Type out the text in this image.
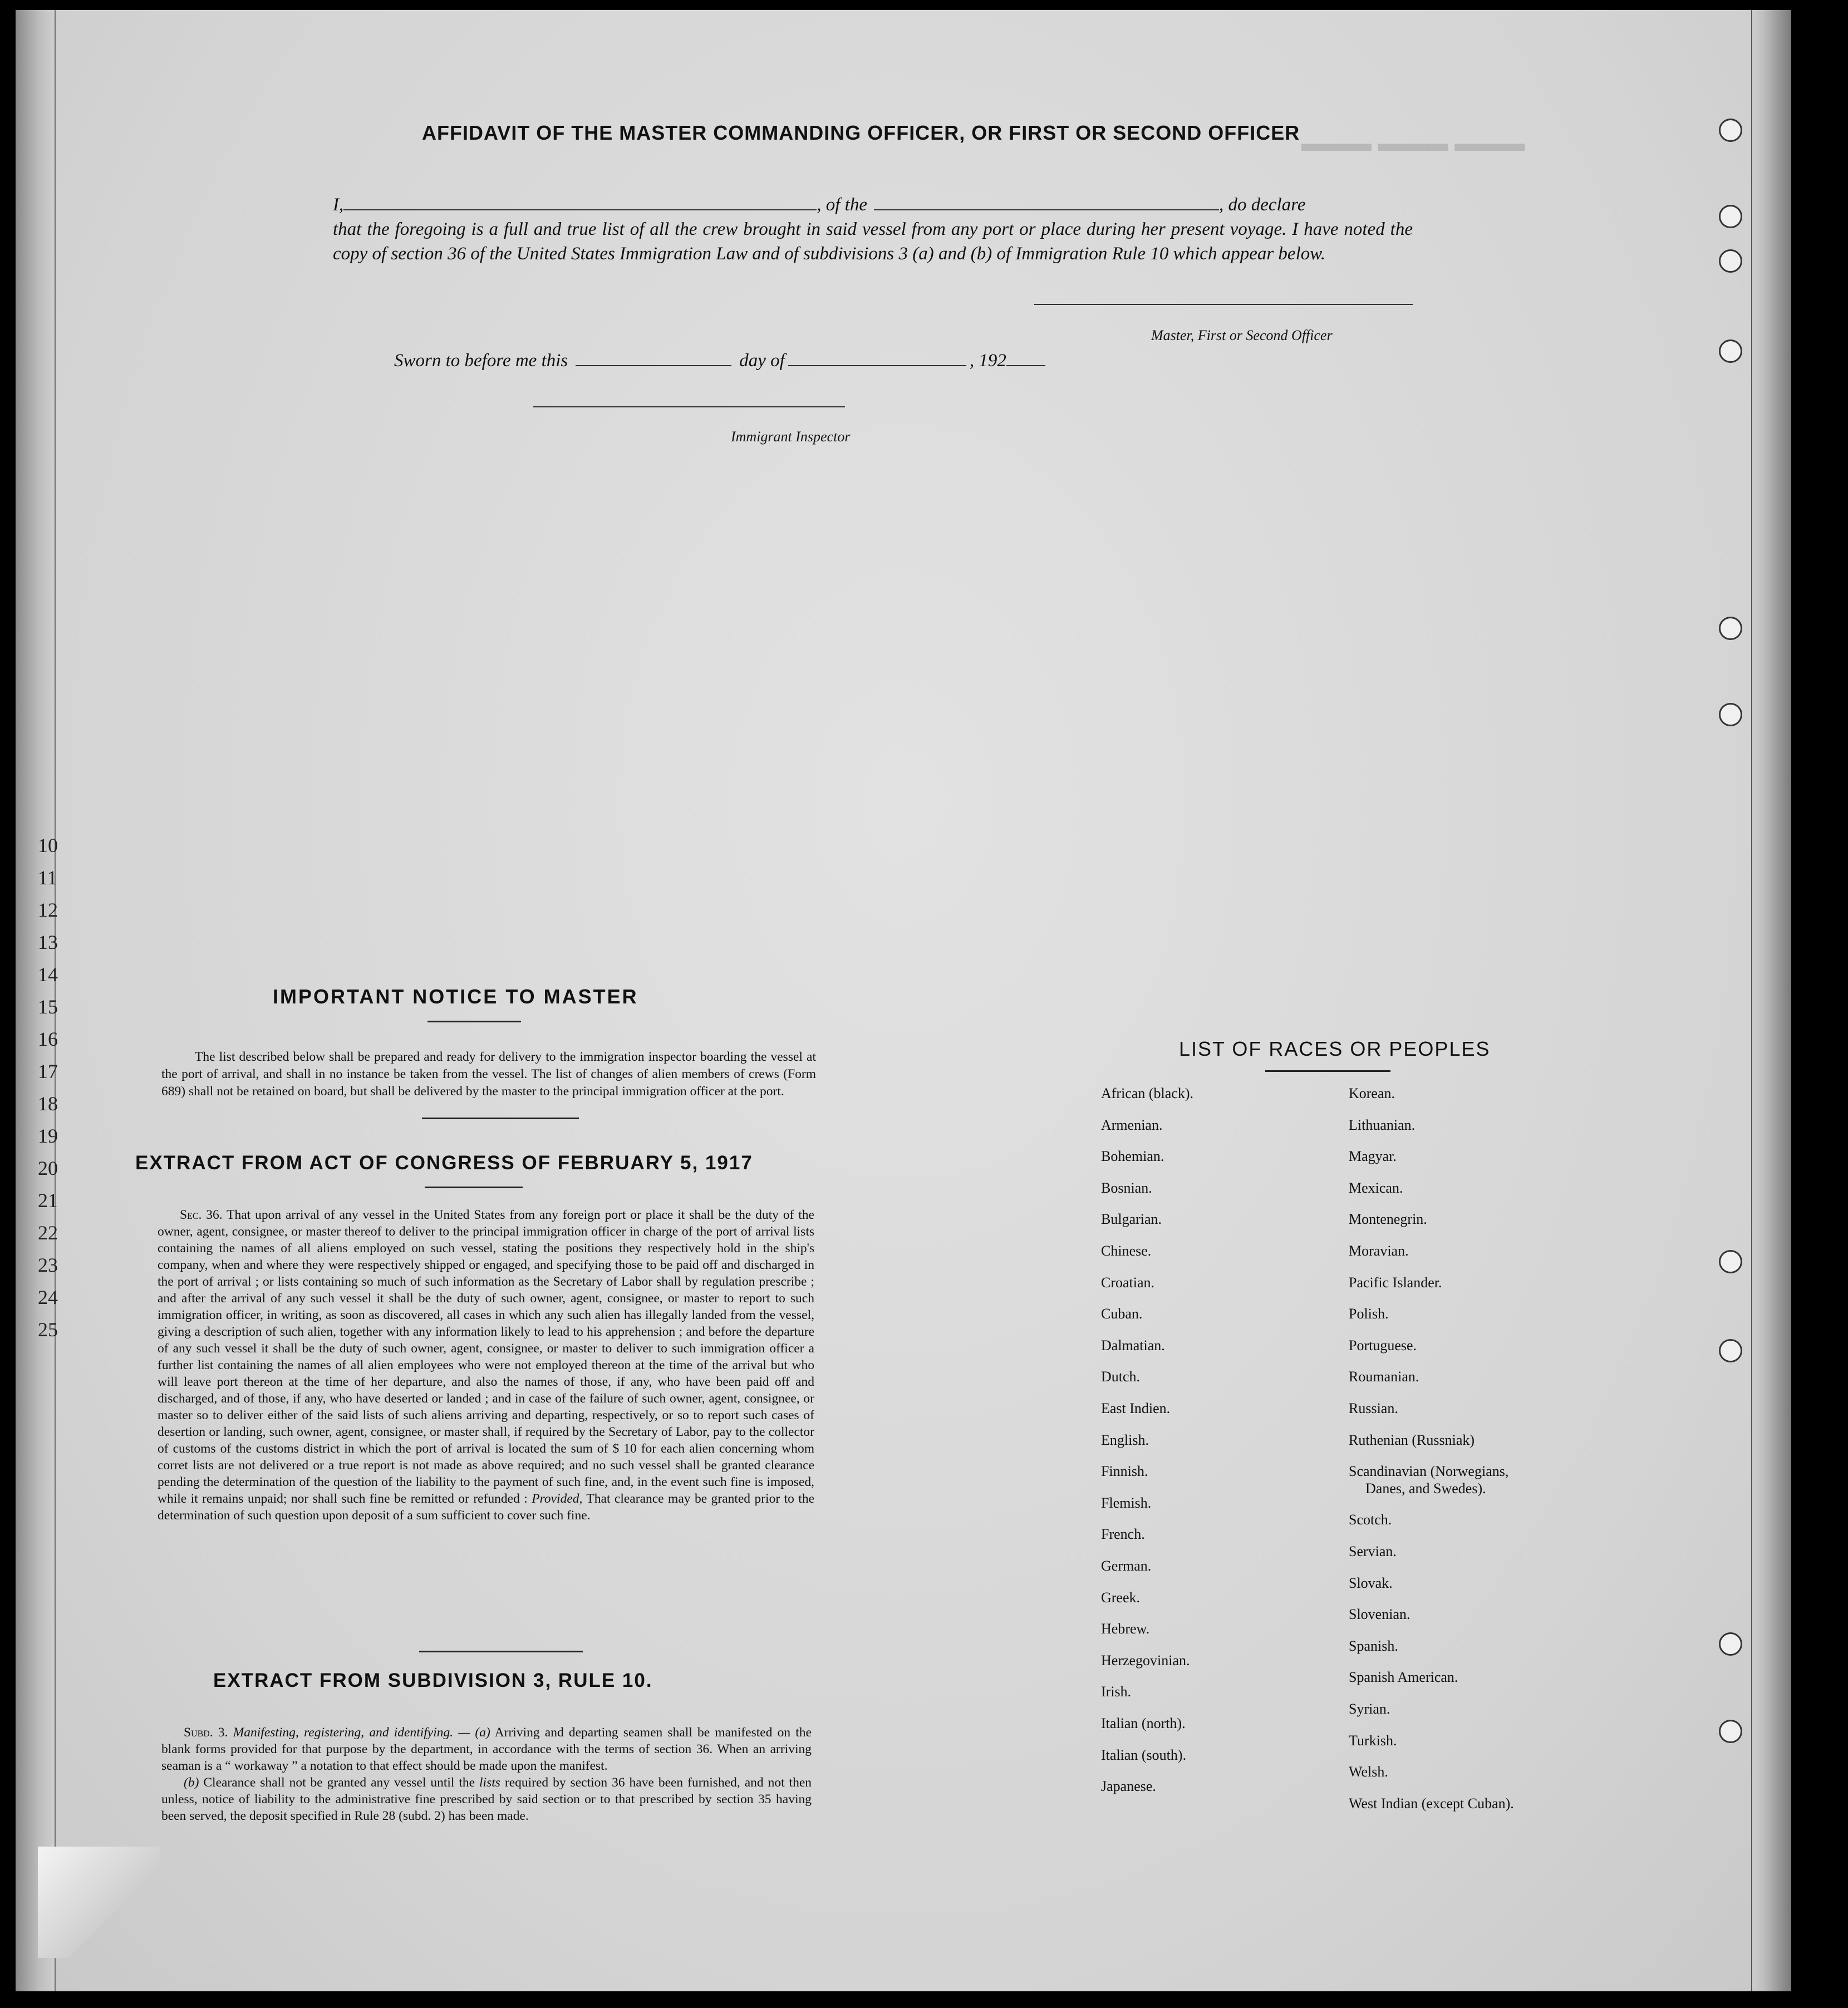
10
11
12
13
14
15
16
17
18
19
20
21
22
23
24
25
▬▬▬ ▬▬▬ ▬▬▬
AFFIDAVIT OF THE MASTER COMMANDING OFFICER, OR FIRST OR SECOND OFFICER
I,	, of the	, do declare
that the foregoing is a full and true list of all the crew brought in said vessel from any port or place during her present voyage. I have noted the copy of section 36 of the United States Immigration Law and of subdivisions 3 (a) and (b) of Immigration Rule 10 which appear below.
Master, First or Second Officer
Sworn to before me this	day of	, 192
Immigrant Inspector
IMPORTANT NOTICE TO MASTER

The list described below shall be prepared and ready for delivery to the immigration inspector boarding the vessel at the port of arrival, and shall in no instance be taken from the vessel. The list of changes of alien members of crews (Form 689) shall not be retained on board, but shall be delivered by the master to the principal immigration officer at the port.

EXTRACT FROM ACT OF CONGRESS OF FEBRUARY 5, 1917

Sec. 36. That upon arrival of any vessel in the United States from any foreign port or place it shall be the duty of the owner, agent, consignee, or master thereof to deliver to the principal immigration officer in charge of the port of arrival lists containing the names of all aliens employed on such vessel, stating the positions they respectively hold in the ship's company, when and where they were respectively shipped or engaged, and specifying those to be paid off and discharged in the port of arrival ; or lists containing so much of such information as the Secretary of Labor shall by regulation prescribe ; and after the arrival of any such vessel it shall be the duty of such owner, agent, consignee, or master to report to such immigration officer, in writing, as soon as discovered, all cases in which any such alien has illegally landed from the vessel, giving a description of such alien, together with any information likely to lead to his apprehension ; and before the departure of any such vessel it shall be the duty of such owner, agent, consignee, or master to deliver to such immigration officer a further list containing the names of all alien employees who were not employed thereon at the time of the arrival but who will leave port thereon at the time of her departure, and also the names of those, if any, who have been paid off and discharged, and of those, if any, who have deserted or landed ; and in case of the failure of such owner, agent, consignee, or master so to deliver either of the said lists of such aliens arriving and departing, respectively, or so to report such cases of desertion or landing, such owner, agent, consignee, or master shall, if required by the Secretary of Labor, pay to the collector of customs of the customs district in which the port of arrival is located the sum of $ 10 for each alien concerning whom corret lists are not delivered or a true report is not made as above required; and no such vessel shall be granted clearance pending the determination of the question of the liability to the payment of such fine, and, in the event such fine is imposed, while it remains unpaid; nor shall such fine be remitted or refunded : Provided, That clearance may be granted prior to the determination of such question upon deposit of a sum sufficient to cover such fine.

EXTRACT FROM SUBDIVISION 3, RULE 10.

Subd. 3. Manifesting, registering, and identifying. — (a) Arriving and departing seamen shall be manifested on the blank forms provided for that purpose by the department, in accordance with the terms of section 36. When an arriving seaman is a “ workaway ” a notation to that effect should be made upon the manifest.

(b) Clearance shall not be granted any vessel until the lists required by section 36 have been furnished, and not then unless, notice of liability to the administrative fine prescribed by said section or to that prescribed by section 35 having been served, the deposit specified in Rule 28 (subd. 2) has been made.

LIST OF RACES OR PEOPLES
African (black).
Armenian.
Bohemian.
Bosnian.
Bulgarian.
Chinese.
Croatian.
Cuban.
Dalmatian.
Dutch.
East Indien.
English.
Finnish.
Flemish.
French.
German.
Greek.
Hebrew.
Herzegovinian.
Irish.
Italian (north).
Italian (south).
Japanese.
Korean.
Lithuanian.
Magyar.
Mexican.
Montenegrin.
Moravian.
Pacific Islander.
Polish.
Portuguese.
Roumanian.
Russian.
Ruthenian (Russniak)
Scandinavian (Norwegians,
Danes, and Swedes).
Scotch.
Servian.
Slovak.
Slovenian.
Spanish.
Spanish American.
Syrian.
Turkish.
Welsh.
West Indian (except Cuban).
